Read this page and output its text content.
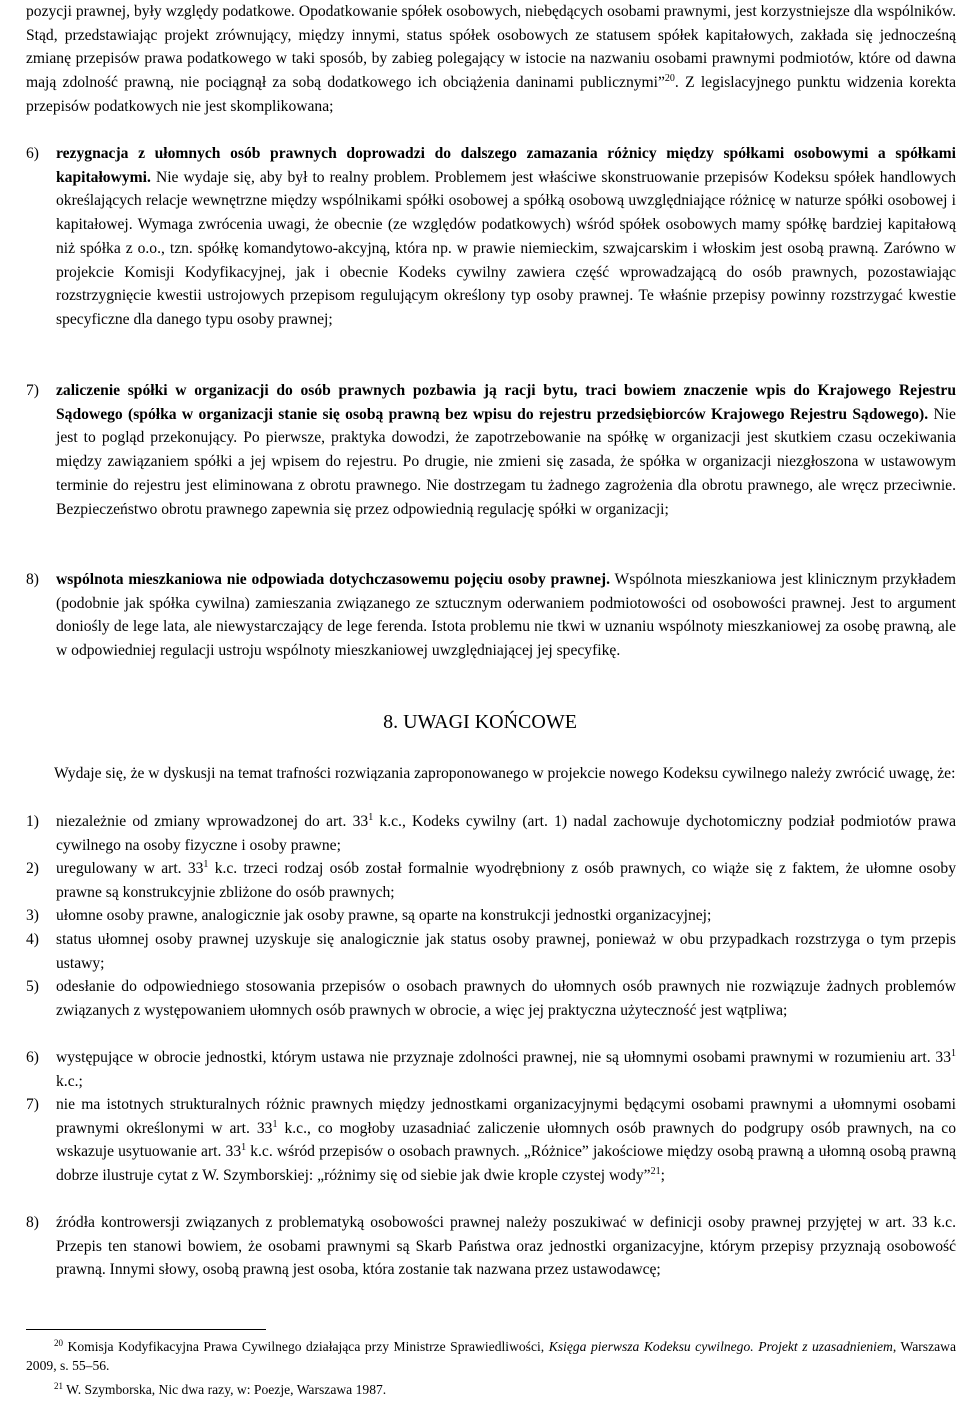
pozycji prawnej, były względy podatkowe. Opodatkowanie spółek osobowych, niebędących osobami prawnymi, jest korzystniejsze dla wspólników. Stąd, przedstawiając projekt zrównujący, między innymi, status spółek osobowych ze statusem spółek kapitałowych, zakłada się jednocześną zmianę przepisów prawa podatkowego w taki sposób, by zabieg polegający w istocie na nazwaniu osobami prawnymi podmiotów, które od dawna mają zdolność prawną, nie pociągnął za sobą dodatkowego ich obciążenia daninami publicznymi”$^{20}$. Z legislacyjnego punktu widzenia korekta przepisów podatkowych nie jest skomplikowana;
6)	rezygnacja z ułomnych osób prawnych doprowadzi do dalszego zamazania różnicy między spółkami osobowymi a spółkami kapitałowymi. Nie wydaje się, aby był to realny problem. Problemem jest właściwe skonstruowanie przepisów Kodeksu spółek handlowych określających relacje wewnętrzne między wspólnikami spółki osobowej a spółką osobową uwzględniające różnicę w naturze spółki osobowej i kapitałowej. Wymaga zwrócenia uwagi, że obecnie (ze względów podatkowych) wśród spółek osobowych mamy spółkę bardziej kapitałową niż spółka z o.o., tzn. spółkę komandytowo-akcyjną, która np. w prawie niemieckim, szwajcarskim i włoskim jest osobą prawną. Zarówno w projekcie Komisji Kodyfikacyjnej, jak i obecnie Kodeks cywilny zawiera część wprowadzającą do osób prawnych, pozostawiając rozstrzygnięcie kwestii ustrojowych przepisom regulującym określony typ osoby prawnej. Te właśnie przepisy powinny rozstrzygać kwestie specyficzne dla danego typu osoby prawnej;
7)	zaliczenie spółki w organizacji do osób prawnych pozbawia ją racji bytu, traci bowiem znaczenie wpis do Krajowego Rejestru Sądowego (spółka w organizacji stanie się osobą prawną bez wpisu do rejestru przedsiębiorców Krajowego Rejestru Sądowego). Nie jest to pogląd przekonujący. Po pierwsze, praktyka dowodzi, że zapotrzebowanie na spółkę w organizacji jest skutkiem czasu oczekiwania między zawiązaniem spółki a jej wpisem do rejestru. Po drugie, nie zmieni się zasada, że spółka w organizacji niezgłoszona w ustawowym terminie do rejestru jest eliminowana z obrotu prawnego. Nie dostrzegam tu żadnego zagrożenia dla obrotu prawnego, ale wręcz przeciwnie. Bezpieczeństwo obrotu prawnego zapewnia się przez odpowiednią regulację spółki w organizacji;
8)	wspólnota mieszkaniowa nie odpowiada dotychczasowemu pojęciu osoby prawnej. Wspólnota mieszkaniowa jest klinicznym przykładem (podobnie jak spółka cywilna) zamieszania związanego ze sztucznym oderwaniem podmiotowości od osobowości prawnej. Jest to argument doniośly de lege lata, ale niewystarczający de lege ferenda. Istota problemu nie tkwi w uznaniu wspólnoty mieszkaniowej za osobę prawną, ale w odpowiedniej regulacji ustroju wspólnoty mieszkaniowej uwzględniającej jej specyfikę.
8. UWAGI KOŃCOWE
Wydaje się, że w dyskusji na temat trafności rozwiązania zaproponowanego w projekcie nowego Kodeksu cywilnego należy zwrócić uwagę, że:
1)	niezależnie od zmiany wprowadzonej do art. $33^1$ k.c., Kodeks cywilny (art. 1) nadal zachowuje dychotomiczny podział podmiotów prawa cywilnego na osoby fizyczne i osoby prawne;
2)	uregulowany w art. $33^1$ k.c. trzeci rodzaj osób został formalnie wyodrębniony z osób prawnych, co wiąże się z faktem, że ułomne osoby prawne są konstrukcyjnie zbliżone do osób prawnych;
3)	ułomne osoby prawne, analogicznie jak osoby prawne, są oparte na konstrukcji jednostki organizacyjnej;
4)	status ułomnej osoby prawnej uzyskuje się analogicznie jak status osoby prawnej, ponieważ w obu przypadkach rozstrzyga o tym przepis ustawy;
5)	odesłanie do odpowiedniego stosowania przepisów o osobach prawnych do ułomnych osób prawnych nie rozwiązuje żadnych problemów związanych z występowaniem ułomnych osób prawnych w obrocie, a więc jej praktyczna użyteczność jest wątpliwa;
6)	występujące w obrocie jednostki, którym ustawa nie przyznaje zdolności prawnej, nie są ułomnymi osobami prawnymi w rozumieniu art. $33^1$ k.c.;
7)	nie ma istotnych strukturalnych różnic prawnych między jednostkami organizacyjnymi będącymi osobami prawnymi a ułomnymi osobami prawnymi określonymi w art. $33^1$ k.c., co mogłoby uzasadniać zaliczenie ułomnych osób prawnych do podgrupy osób prawnych, na co wskazuje usytuowanie art. $33^1$ k.c. wśród przepisów o osobach prawnych. „Różnice” jakościowe między osobą prawną a ułomną osobą prawną dobrze ilustruje cytat z W. Szymborskiej: „różnimy się od siebie jak dwie krople czystej wody”$^{21}$;
8)	źródła kontrowersji związanych z problematyką osobowości prawnej należy poszukiwać w definicji osoby prawnej przyjętej w art. 33 k.c. Przepis ten stanowi bowiem, że osobami prawnymi są Skarb Państwa oraz jednostki organizacyjne, którym przepisy przyznają osobowość prawną. Innymi słowy, osobą prawną jest osoba, która zostanie tak nazwana przez ustawodawcę;
$^{20}$ Komisja Kodyfikacyjna Prawa Cywilnego działająca przy Ministrze Sprawiedliwości, Księga pierwsza Kodeksu cywilnego. Projekt z uzasadnieniem, Warszawa 2009, s. 55–56.
$^{21}$ W. Szymborska, Nic dwa razy, w: Poezje, Warszawa 1987.
